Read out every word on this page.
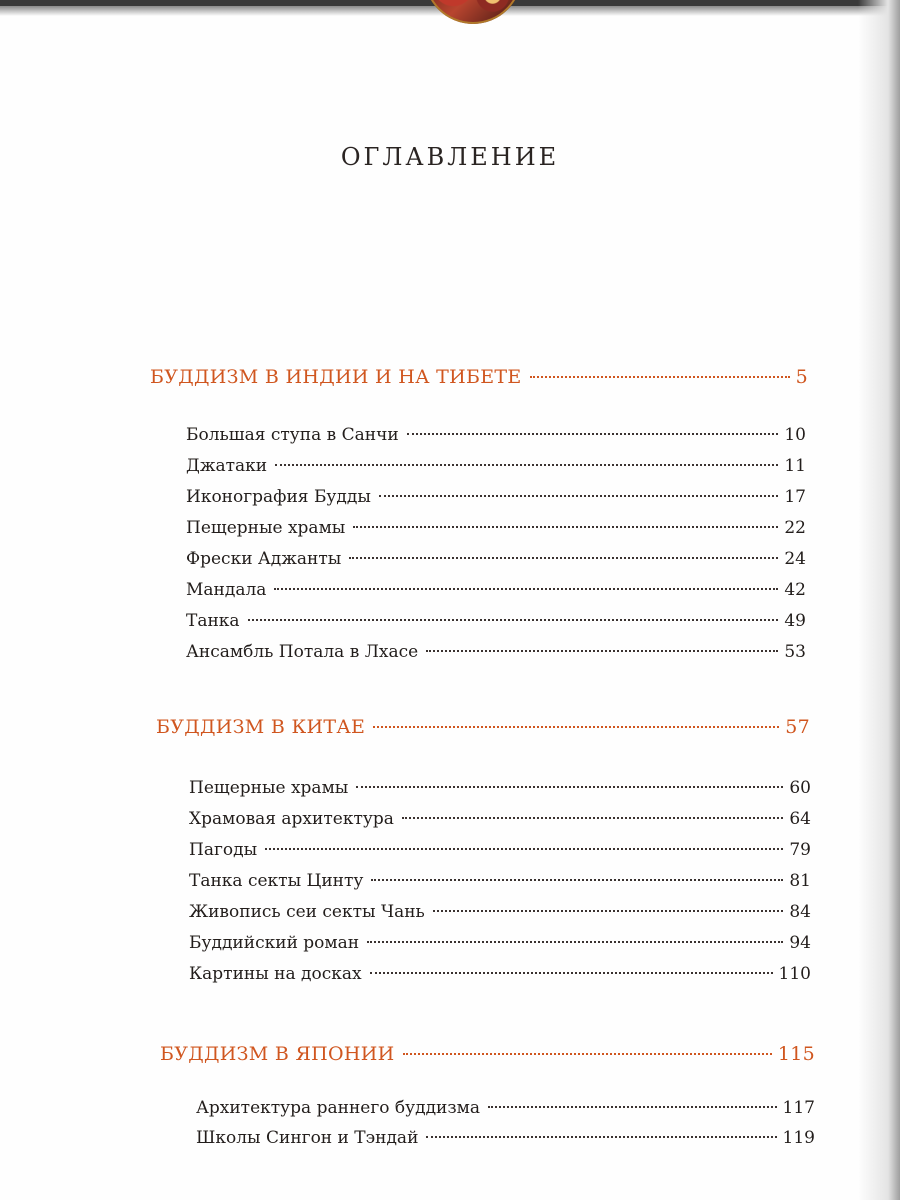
ОГЛАВЛЕНИЕ
БУДДИЗМ В ИНДИИ И НА ТИБЕТЕ	5
Большая ступа в Санчи	10
Джатаки	11
Иконография Будды	17
Пещерные храмы	22
Фрески Аджанты	24
Мандала	42
Танка	49
Ансамбль Потала в Лхасе	53
БУДДИЗМ В КИТАЕ	57
Пещерные храмы	60
Храмовая архитектура	64
Пагоды	79
Танка секты Цинту	81
Живопись сеи секты Чань	84
Буддийский роман	94
Картины на досках	110
БУДДИЗМ В ЯПОНИИ	115
Архитектура раннего буддизма	117
Школы Сингон и Тэндай	119
